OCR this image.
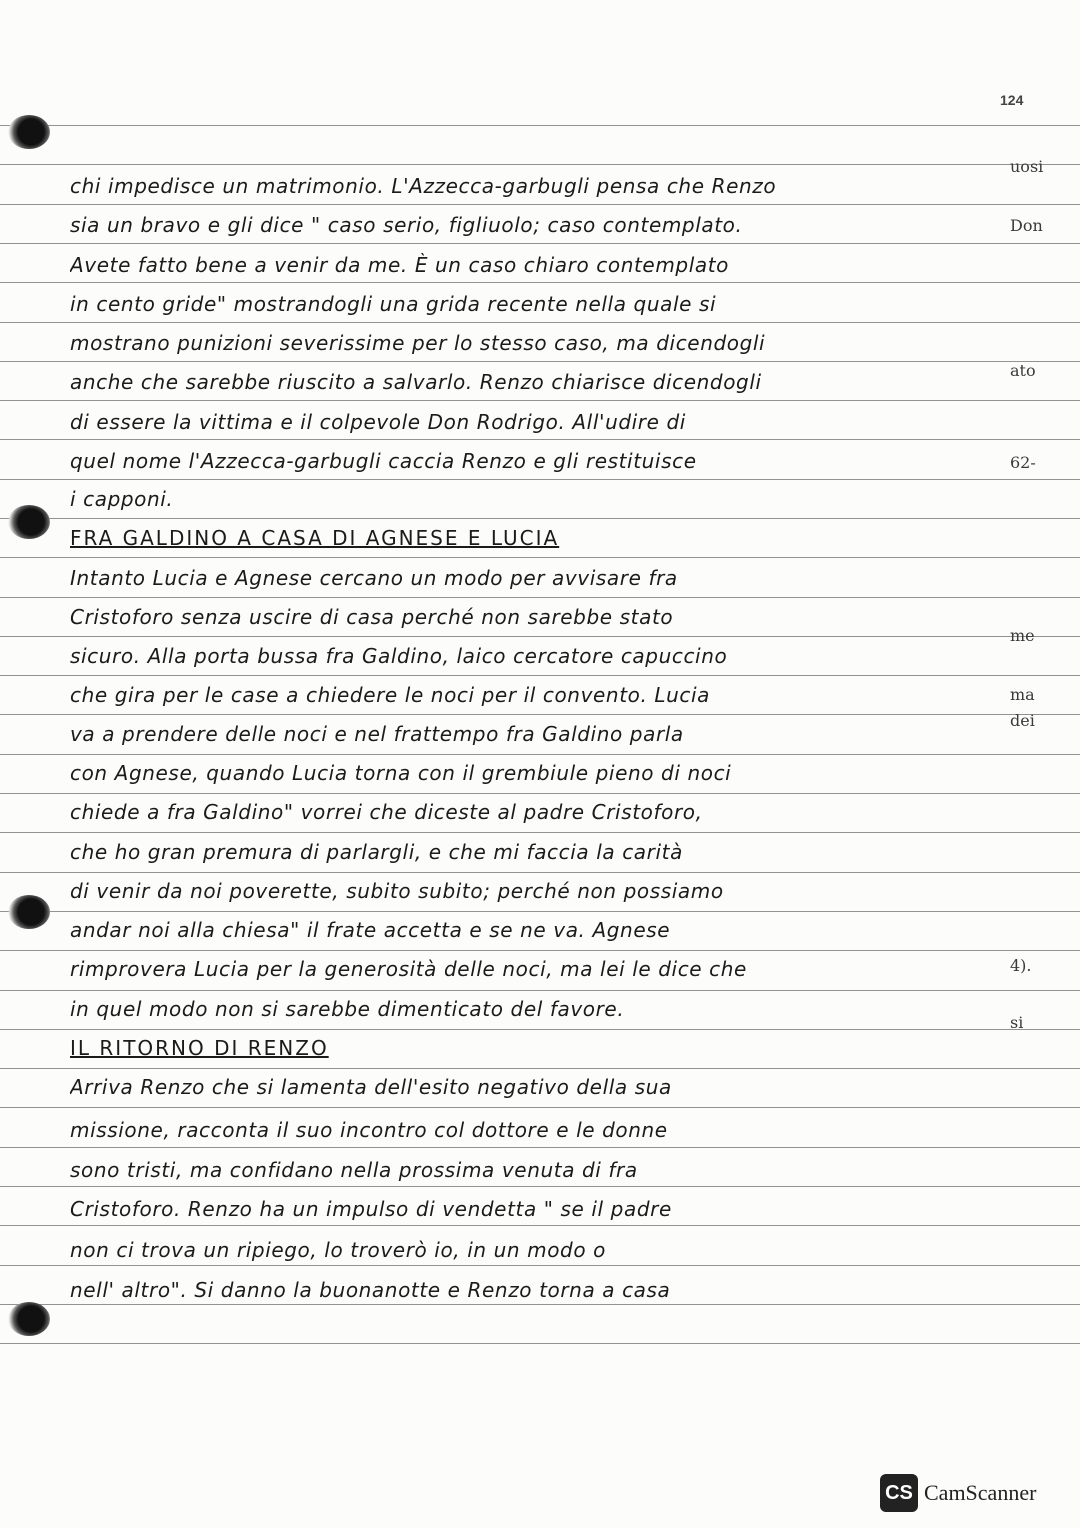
124
uosi
Don
ato
62-
me
ma
dei
4).
si
chi impedisce un matrimonio. L'Azzecca-garbugli pensa che Renzo
sia un bravo e gli dice " caso serio, figliuolo; caso contemplato.
Avete fatto bene a venir da me. È un caso chiaro contemplato
in cento gride" mostrandogli una grida recente nella quale si
mostrano punizioni severissime per lo stesso caso, ma dicendogli
anche che sarebbe riuscito a salvarlo. Renzo chiarisce dicendogli
di essere la vittima e il colpevole Don Rodrigo. All'udire di
quel nome l'Azzecca-garbugli caccia Renzo e gli restituisce
i capponi.
FRA GALDINO A CASA DI AGNESE E LUCIA
Intanto Lucia e Agnese cercano un modo per avvisare fra
Cristoforo senza uscire di casa perché non sarebbe stato
sicuro. Alla porta bussa fra Galdino, laico cercatore capuccino
che gira per le case a chiedere le noci per il convento. Lucia
va a prendere delle noci e nel frattempo fra Galdino parla
con Agnese, quando Lucia torna con il grembiule pieno di noci
chiede a fra Galdino" vorrei che diceste al padre Cristoforo,
che ho gran premura di parlargli, e che mi faccia la carità
di venir da noi poverette, subito subito; perché non possiamo
andar noi alla chiesa" il frate accetta e se ne va. Agnese
rimprovera Lucia per la generosità delle noci, ma lei le dice che
in quel modo non si sarebbe dimenticato del favore.
IL RITORNO DI RENZO
Arriva Renzo che si lamenta dell'esito negativo della sua
missione, racconta il suo incontro col dottore e le donne
sono tristi, ma confidano nella prossima venuta di fra
Cristoforo. Renzo ha un impulso di vendetta " se il padre
non ci trova un ripiego, lo troverò io, in un modo o
nell' altro". Si danno la buonanotte e Renzo torna a casa
CS CamScanner
